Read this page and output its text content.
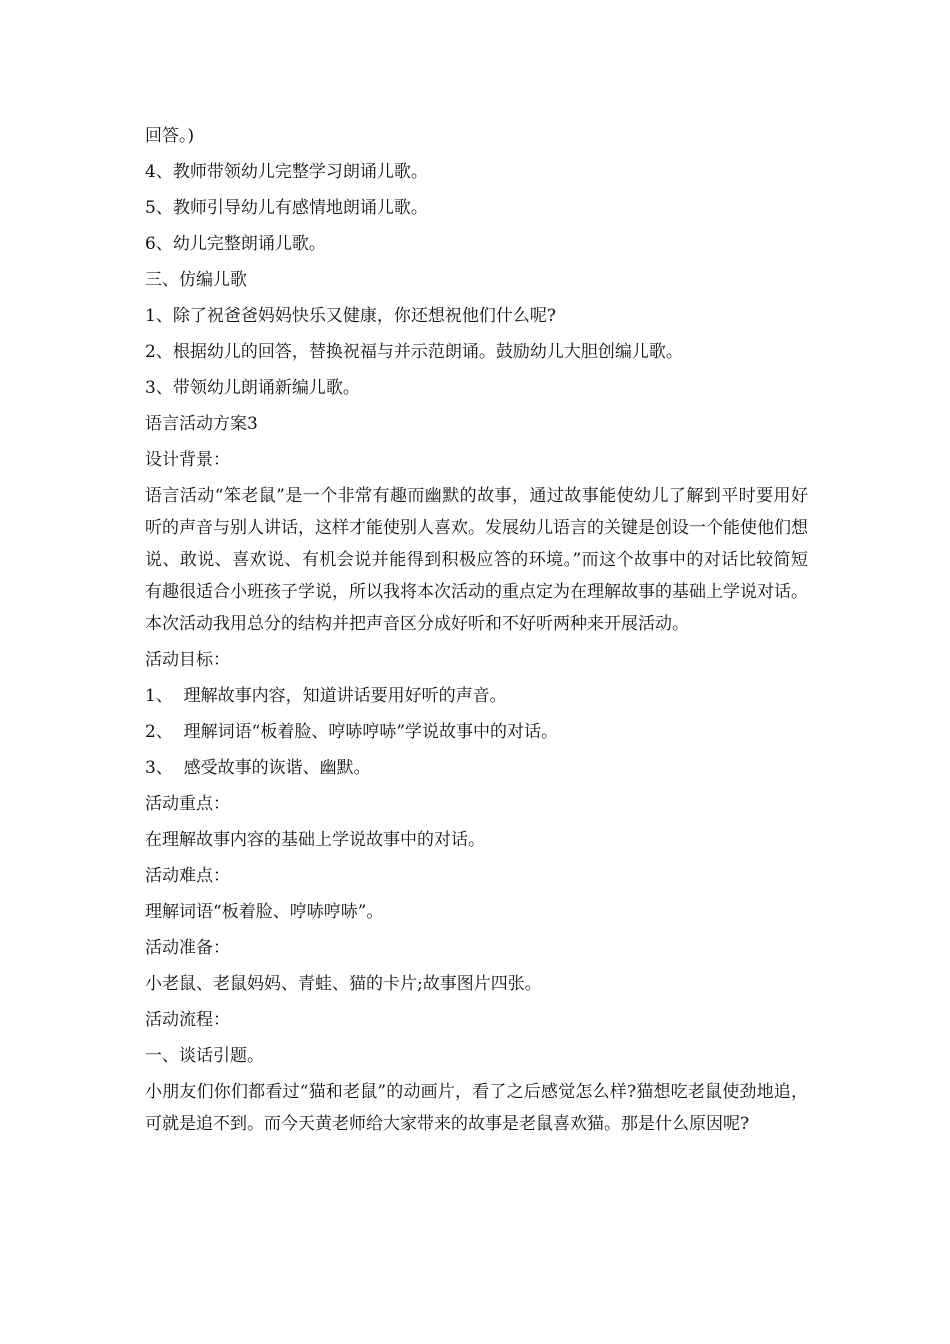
回答。)
4、教师带领幼儿完整学习朗诵儿歌。
5、教师引导幼儿有感情地朗诵儿歌。
6、幼儿完整朗诵儿歌。
三、仿编儿歌
1、除了祝爸爸妈妈快乐又健康，你还想祝他们什么呢?
2、根据幼儿的回答，替换祝福与并示范朗诵。鼓励幼儿大胆创编儿歌。
3、带领幼儿朗诵新编儿歌。
语言活动方案3
设计背景：
语言活动“笨老鼠”是一个非常有趣而幽默的故事，通过故事能使幼儿了解到平时要用好听的声音与别人讲话，这样才能使别人喜欢。发展幼儿语言的关键是创设一个能使他们想说、敢说、喜欢说、有机会说并能得到积极应答的环境。”而这个故事中的对话比较简短有趣很适合小班孩子学说，所以我将本次活动的重点定为在理解故事的基础上学说对话。本次活动我用总分的结构并把声音区分成好听和不好听两种来开展活动。
活动目标：
1、  理解故事内容，知道讲话要用好听的声音。
2、  理解词语“板着脸、哼哧哼哧”学说故事中的对话。
3、  感受故事的诙谐、幽默。
活动重点：
在理解故事内容的基础上学说故事中的对话。
活动难点：
理解词语“板着脸、哼哧哼哧”。
活动准备：
小老鼠、老鼠妈妈、青蛙、猫的卡片;故事图片四张。
活动流程：
一、谈话引题。
小朋友们你们都看过“猫和老鼠”的动画片，看了之后感觉怎么样?猫想吃老鼠使劲地追，可就是追不到。而今天黄老师给大家带来的故事是老鼠喜欢猫。那是什么原因呢?
